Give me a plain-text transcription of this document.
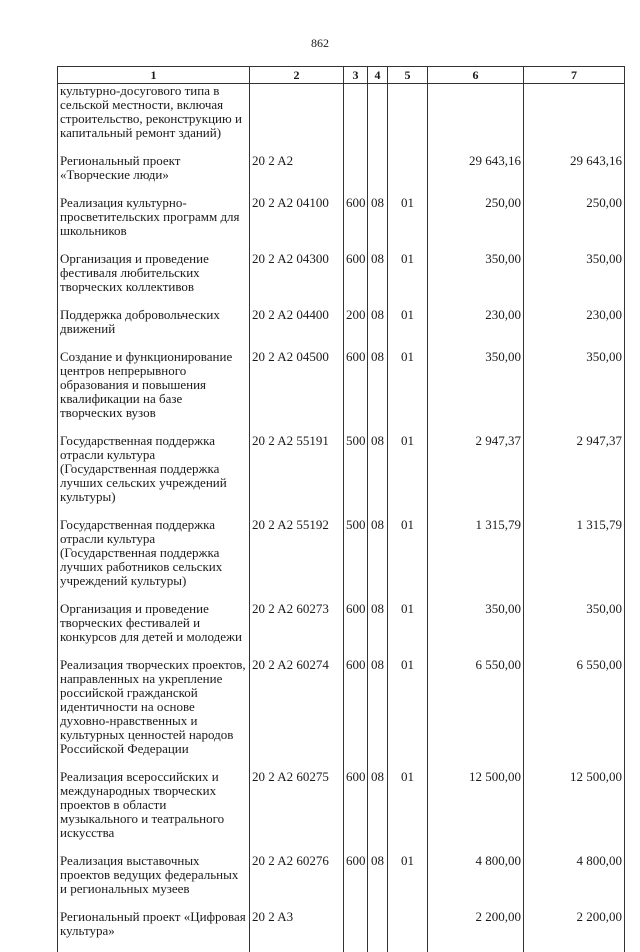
862
1	2	3	4	5	6	7
культурно-досугового типа в сельской местности, включая строительство, реконструкцию и капитальный ремонт зданий)						
Региональный проект «Творческие люди»	20 2 A2				29 643,16	29 643,16
Реализация культурно-просветительских программ для школьников	20 2 A2 04100	600	08	01	250,00	250,00
Организация и проведение фестиваля любительских творческих коллективов	20 2 A2 04300	600	08	01	350,00	350,00
Поддержка добровольческих движений	20 2 A2 04400	200	08	01	230,00	230,00
Создание и функционирование центров непрерывного образования и повышения квалификации на базе творческих вузов	20 2 A2 04500	600	08	01	350,00	350,00
Государственная поддержка отрасли культура (Государственная поддержка лучших сельских учреждений культуры)	20 2 A2 55191	500	08	01	2 947,37	2 947,37
Государственная поддержка отрасли культура (Государственная поддержка лучших работников сельских учреждений культуры)	20 2 A2 55192	500	08	01	1 315,79	1 315,79
Организация и проведение творческих фестивалей и конкурсов для детей и молодежи	20 2 A2 60273	600	08	01	350,00	350,00
Реализация творческих проектов, направленных на укрепление российской гражданской идентичности на основе духовно-нравственных и культурных ценностей народов Российской Федерации	20 2 A2 60274	600	08	01	6 550,00	6 550,00
Реализация всероссийских и международных творческих проектов в области музыкального и театрального искусства	20 2 A2 60275	600	08	01	12 500,00	12 500,00
Реализация выставочных проектов ведущих федеральных и региональных музеев	20 2 A2 60276	600	08	01	4 800,00	4 800,00
Региональный проект «Цифровая культура»	20 2 A3				2 200,00	2 200,00
